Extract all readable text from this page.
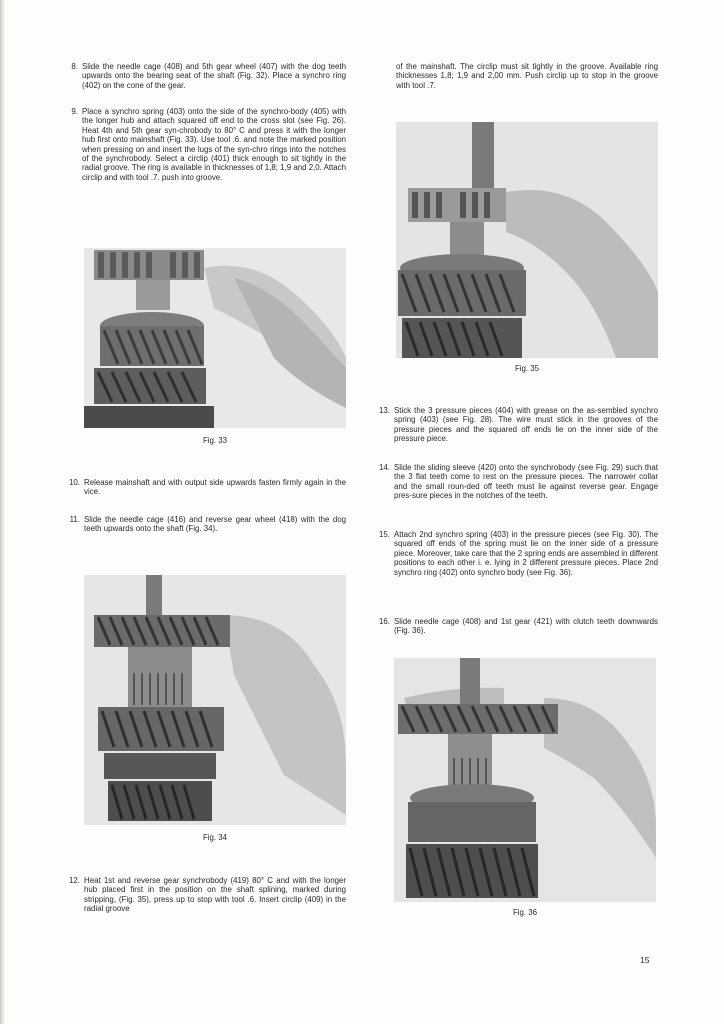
8. Slide the needle cage (408) and 5th gear wheel (407) with the dog teeth upwards onto the bearing seat of the shaft (Fig. 32). Place a synchro ring (402) on the cone of the gear.
9. Place a synchro spring (403) onto the side of the synchro-body (405) with the longer hub and attach squared off end to the cross slot (see Fig. 26). Heat 4th and 5th gear syn-chrobody to 80° C and press it with the longer hub first onto mainshaft (Fig. 33). Use tool .6. and note the marked position when pressing on and insert the lugs of the syn-chro rings into the notches of the synchrobody. Select a circlip (401) thick enough to sit tightly in the radial groove. The ring is available in thicknesses of 1,8; 1,9 and 2,0. Attach circlip and with tool .7. push into groove.
Fig. 33
10. Release mainshaft and with output side upwards fasten firmly again in the vice.
11. Slide the needle cage (416) and reverse gear wheel (418) with the dog teeth upwards onto the shaft (Fig. 34).
Fig. 34
12. Heat 1st and reverse gear synchrobody (419) 80° C and with the longer hub placed first in the position on the shaft splining, marked during stripping, (Fig. 35), press up to stop with tool .6. Insert circlip (409) in the radial groove
of the mainshaft. The circlip must sit tightly in the groove. Available ring thicknesses 1,8; 1,9 and 2,00 mm. Push circlip up to stop in the groove with tool .7.
Fig. 35
13. Stick the 3 pressure pieces (404) with grease on the as-sembled synchro spring (403) (see Fig. 28). The wire must stick in the grooves of the pressure pieces and the squared off ends lie on the inner side of the pressure piece.
14. Slide the sliding sleeve (420) onto the synchrobody (see Fig. 29) such that the 3 flat teeth come to rest on the pressure pieces. The narrower collar and the small roun-ded off teeth must lie against reverse gear. Engage pres-sure pieces in the notches of the teeth.
15. Attach 2nd synchro spring (403) in the pressure pieces (see Fig. 30). The squared off ends of the spring must lie on the inner side of a pressure piece. Moreover, take care that the 2 spring ends are assembled in different positions to each other i. e. lying in 2 different pressure pieces. Place 2nd synchro ring (402) onto synchro body (see Fig. 36).
16. Slide needle cage (408) and 1st gear (421) with clutch teeth downwards (Fig. 36).
Fig. 36
15
